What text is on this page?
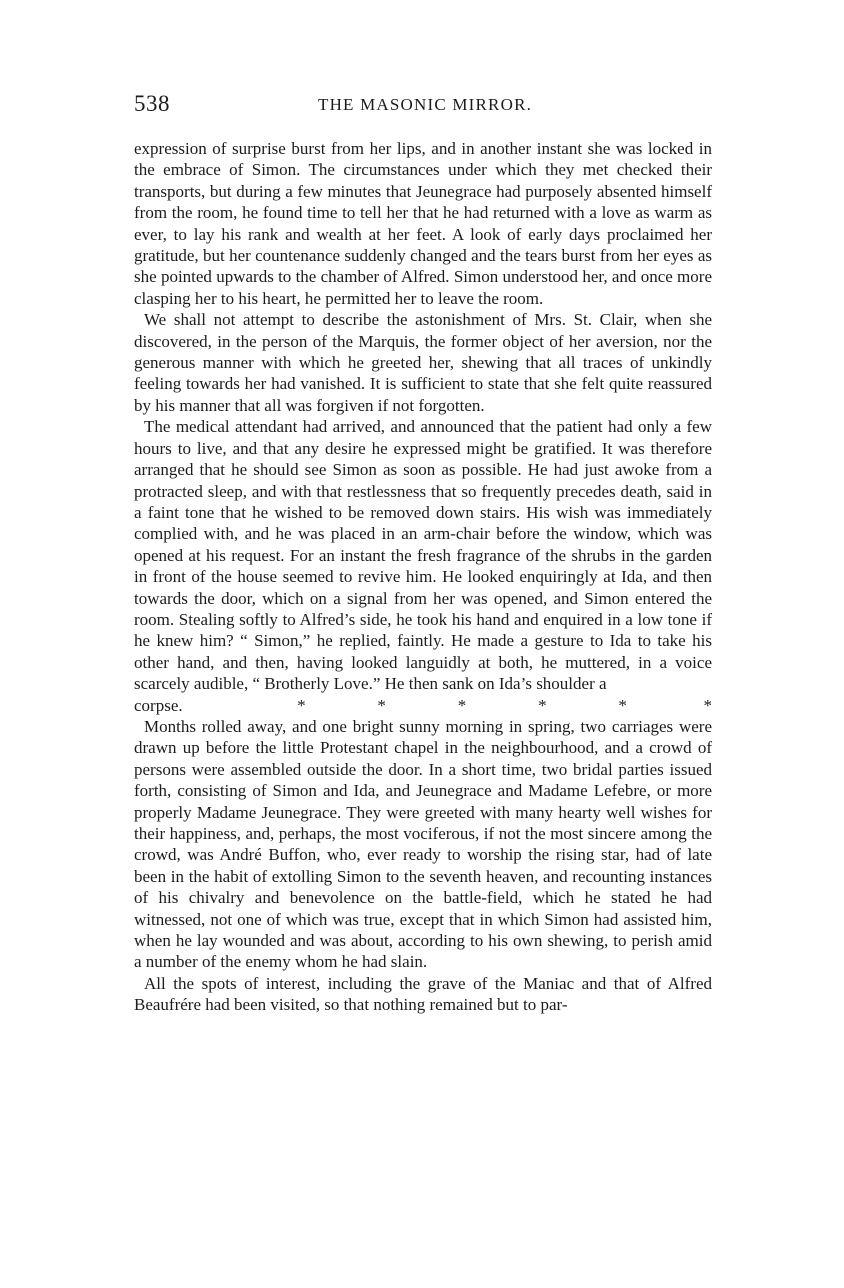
538	THE MASONIC MIRROR.

expression of surprise burst from her lips, and in another instant she was locked in the embrace of Simon. The circumstances under which they met checked their transports, but during a few minutes that Jeunegrace had purposely absented himself from the room, he found time to tell her that he had returned with a love as warm as ever, to lay his rank and wealth at her feet. A look of early days proclaimed her gratitude, but her countenance suddenly changed and the tears burst from her eyes as she pointed upwards to the chamber of Alfred. Simon understood her, and once more clasping her to his heart, he permitted her to leave the room.

We shall not attempt to describe the astonishment of Mrs. St. Clair, when she discovered, in the person of the Marquis, the former object of her aversion, nor the generous manner with which he greeted her, shewing that all traces of unkindly feeling towards her had vanished. It is sufficient to state that she felt quite reassured by his manner that all was forgiven if not forgotten.

The medical attendant had arrived, and announced that the patient had only a few hours to live, and that any desire he expressed might be gratified. It was therefore arranged that he should see Simon as soon as possible. He had just awoke from a protracted sleep, and with that restlessness that so frequently precedes death, said in a faint tone that he wished to be removed down stairs. His wish was immediately complied with, and he was placed in an arm-chair before the window, which was opened at his request. For an instant the fresh fragrance of the shrubs in the garden in front of the house seemed to revive him. He looked enquiringly at Ida, and then towards the door, which on a signal from her was opened, and Simon entered the room. Stealing softly to Alfred’s side, he took his hand and enquired in a low tone if he knew him? “ Simon,” he replied, faintly. He made a gesture to Ida to take his other hand, and then, having looked languidly at both, he muttered, in a voice scarcely audible, “ Brotherly Love.” He then sank on Ida’s shoulder a

corpse.	*	*	*	*	*	*

Months rolled away, and one bright sunny morning in spring, two carriages were drawn up before the little Protestant chapel in the neighbourhood, and a crowd of persons were assembled outside the door. In a short time, two bridal parties issued forth, consisting of Simon and Ida, and Jeunegrace and Madame Lefebre, or more properly Madame Jeunegrace. They were greeted with many hearty well wishes for their happiness, and, perhaps, the most vociferous, if not the most sincere among the crowd, was André Buffon, who, ever ready to worship the rising star, had of late been in the habit of extolling Simon to the seventh heaven, and recounting instances of his chivalry and benevolence on the battle-field, which he stated he had witnessed, not one of which was true, except that in which Simon had assisted him, when he lay wounded and was about, according to his own shewing, to perish amid a number of the enemy whom he had slain.

All the spots of interest, including the grave of the Maniac and that of Alfred Beaufrére had been visited, so that nothing remained but to par-
